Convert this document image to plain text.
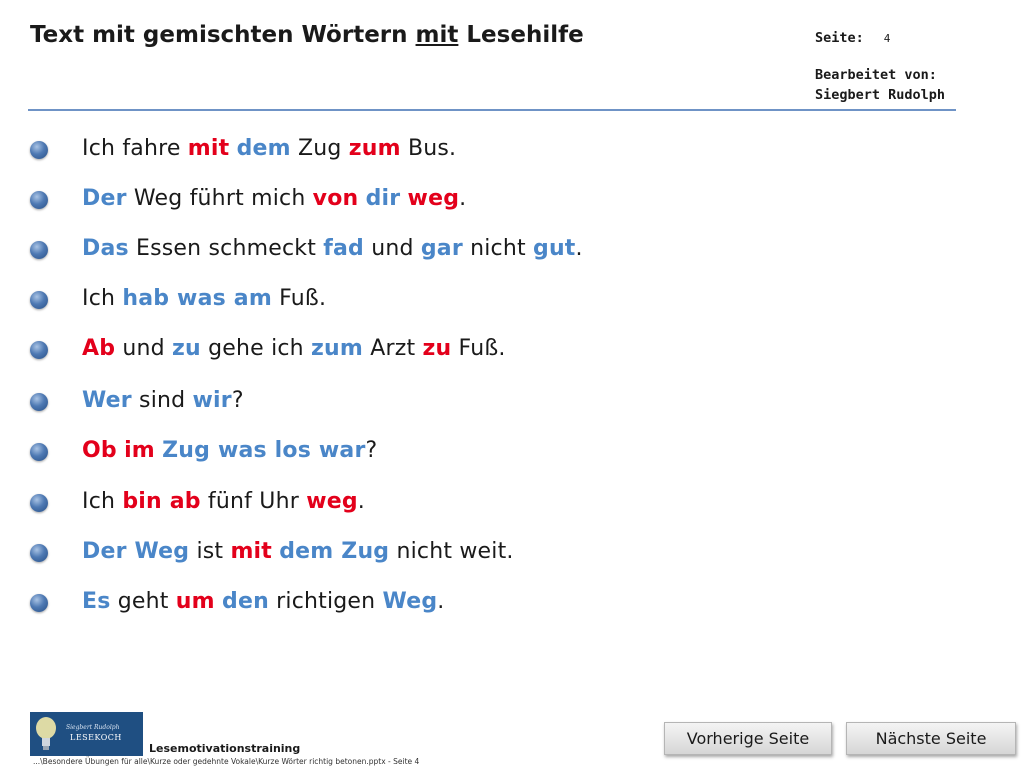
Text mit gemischten Wörtern mit Lesehilfe	Seite: 4
Bearbeitet von:
Siegbert Rudolph
Ich fahre mit dem Zug zum Bus.
Der Weg führt mich von dir weg.
Das Essen schmeckt fad und gar nicht gut.
Ich hab was am Fuß.
Ab und zu gehe ich zum Arzt zu Fuß.
Wer sind wir?
Ob im Zug was los war?
Ich bin ab fünf Uhr weg.
Der Weg ist mit dem Zug nicht weit.
Es geht um den richtigen Weg.
Siegbert Rudolph
LESEKOCH
Lesemotivationstraining
...\Besondere Übungen für alle\Kurze oder gedehnte Vokale\Kurze Wörter richtig betonen.pptx - Seite 4
Vorherige Seite	Nächste Seite
